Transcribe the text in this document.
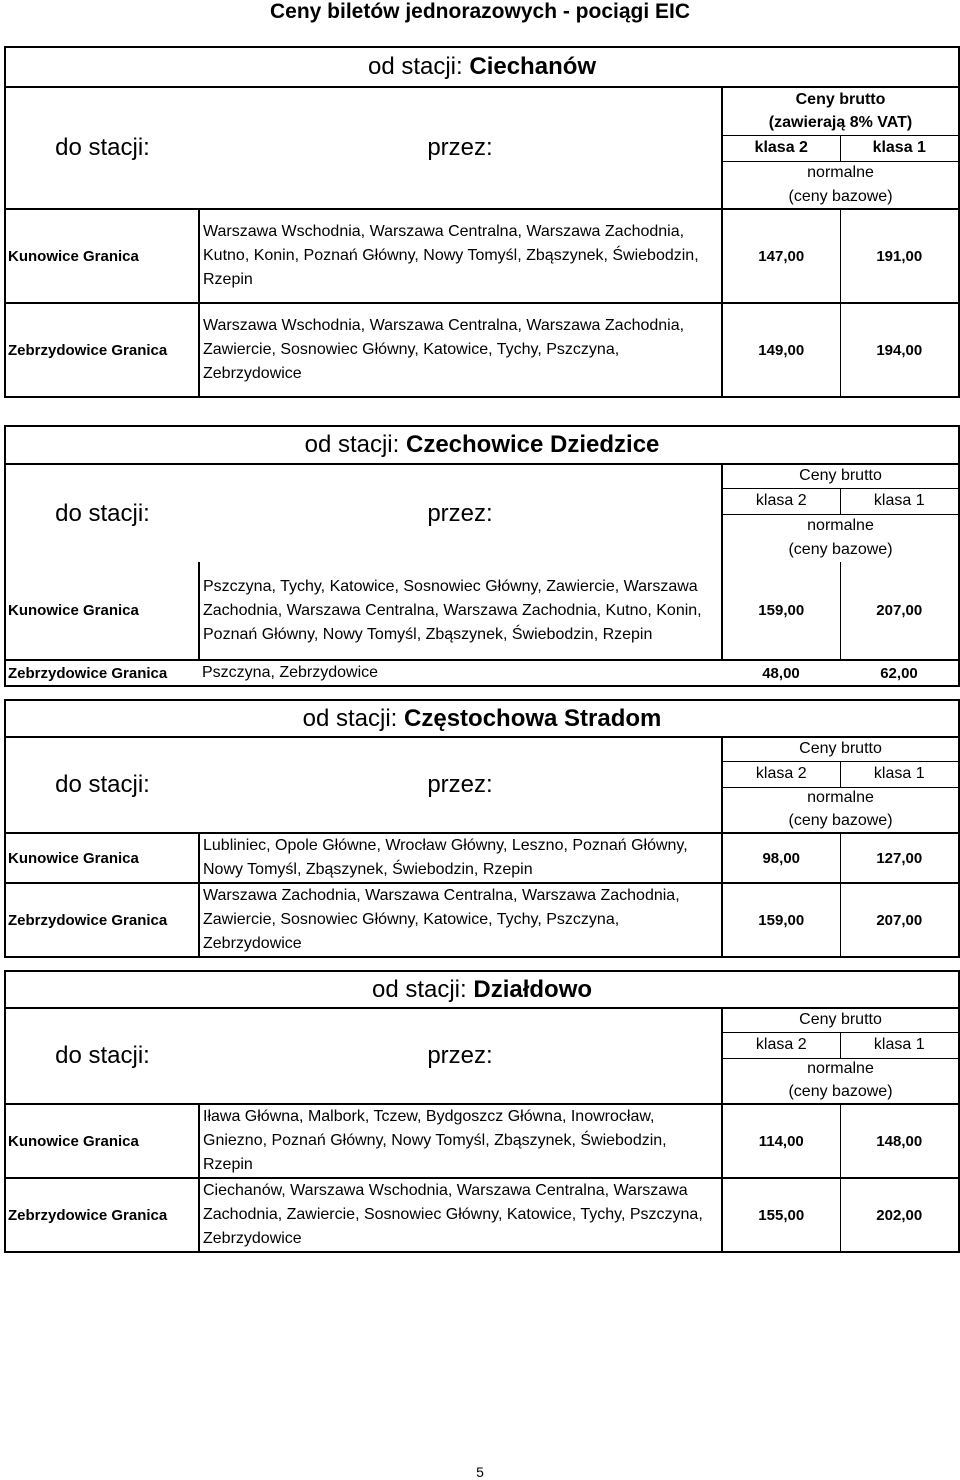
Ceny biletów jednorazowych - pociągi EIC
od stacji: Ciechanów			
do stacji:	przez:	Ceny brutto	
		(zawierają 8% VAT)	
		klasa 2	klasa 1
		normalne	
		(ceny bazowe)	
Kunowice Granica	Warszawa Wschodnia, Warszawa Centralna, Warszawa Zachodnia, Kutno, Konin, Poznań Główny, Nowy Tomyśl, Zbąszynek, Świebodzin, Rzepin	147,00	191,00
Zebrzydowice Granica	Warszawa Wschodnia, Warszawa Centralna, Warszawa Zachodnia, Zawiercie, Sosnowiec Główny, Katowice, Tychy, Pszczyna, Zebrzydowice	149,00	194,00
od stacji: Czechowice Dziedzice			
do stacji:	przez:	Ceny brutto	
		klasa 2	klasa 1
		normalne	
		(ceny bazowe)	
Kunowice Granica	Pszczyna, Tychy, Katowice, Sosnowiec Główny, Zawiercie, Warszawa Zachodnia, Warszawa Centralna, Warszawa Zachodnia, Kutno, Konin, Poznań Główny, Nowy Tomyśl, Zbąszynek, Świebodzin, Rzepin	159,00	207,00
Zebrzydowice Granica	Pszczyna, Zebrzydowice	48,00	62,00
od stacji: Częstochowa Stradom			
do stacji:	przez:	Ceny brutto	
		klasa 2	klasa 1
		normalne	
		(ceny bazowe)	
Kunowice Granica	Lubliniec, Opole Główne, Wrocław Główny, Leszno, Poznań Główny, Nowy Tomyśl, Zbąszynek, Świebodzin, Rzepin	98,00	127,00
Zebrzydowice Granica	Warszawa Zachodnia, Warszawa Centralna, Warszawa Zachodnia, Zawiercie, Sosnowiec Główny, Katowice, Tychy, Pszczyna, Zebrzydowice	159,00	207,00
od stacji: Działdowo			
do stacji:	przez:	Ceny brutto	
		klasa 2	klasa 1
		normalne	
		(ceny bazowe)	
Kunowice Granica	Iława Główna, Malbork, Tczew, Bydgoszcz Główna, Inowrocław, Gniezno, Poznań Główny, Nowy Tomyśl, Zbąszynek, Świebodzin, Rzepin	114,00	148,00
Zebrzydowice Granica	Ciechanów, Warszawa Wschodnia, Warszawa Centralna, Warszawa Zachodnia, Zawiercie, Sosnowiec Główny, Katowice, Tychy, Pszczyna, Zebrzydowice	155,00	202,00
5
